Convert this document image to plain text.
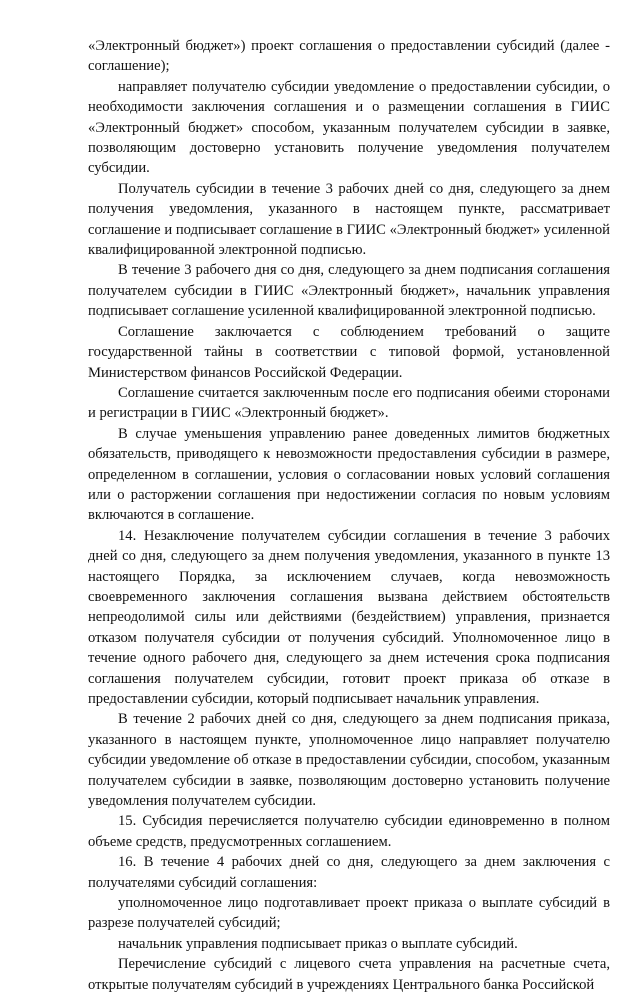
«Электронный бюджет») проект соглашения о предоставлении субсидий (далее - соглашение);

направляет получателю субсидии уведомление о предоставлении субсидии, о необходимости заключения соглашения и о размещении соглашения в ГИИС «Электронный бюджет» способом, указанным получателем субсидии в заявке, позволяющим достоверно установить получение уведомления получателем субсидии.

Получатель субсидии в течение 3 рабочих дней со дня, следующего за днем получения уведомления, указанного в настоящем пункте, рассматривает соглашение и подписывает соглашение в ГИИС «Электронный бюджет» усиленной квалифицированной электронной подписью.

В течение 3 рабочего дня со дня, следующего за днем подписания соглашения получателем субсидии в ГИИС «Электронный бюджет», начальник управления подписывает соглашение усиленной квалифицированной электронной подписью.

Соглашение заключается с соблюдением требований о защите государственной тайны в соответствии с типовой формой, установленной Министерством финансов Российской Федерации.

Соглашение считается заключенным после его подписания обеими сторонами и регистрации в ГИИС «Электронный бюджет».

В случае уменьшения управлению ранее доведенных лимитов бюджетных обязательств, приводящего к невозможности предоставления субсидии в размере, определенном в соглашении, условия о согласовании новых условий соглашения или о расторжении соглашения при недостижении согласия по новым условиям включаются в соглашение.

14. Незаключение получателем субсидии соглашения в течение 3 рабочих дней со дня, следующего за днем получения уведомления, указанного в пункте 13 настоящего Порядка, за исключением случаев, когда невозможность своевременного заключения соглашения вызвана действием обстоятельств непреодолимой силы или действиями (бездействием) управления, признается отказом получателя субсидии от получения субсидий. Уполномоченное лицо в течение одного рабочего дня, следующего за днем истечения срока подписания соглашения получателем субсидии, готовит проект приказа об отказе в предоставлении субсидии, который подписывает начальник управления.

В течение 2 рабочих дней со дня, следующего за днем подписания приказа, указанного в настоящем пункте, уполномоченное лицо направляет получателю субсидии уведомление об отказе в предоставлении субсидии, способом, указанным получателем субсидии в заявке, позволяющим достоверно установить получение уведомления получателем субсидии.

15. Субсидия перечисляется получателю субсидии единовременно в полном объеме средств, предусмотренных соглашением.

16. В течение 4 рабочих дней со дня, следующего за днем заключения с получателями субсидий соглашения:

уполномоченное лицо подготавливает проект приказа о выплате субсидий в разрезе получателей субсидий;

начальник управления подписывает приказ о выплате субсидий.

Перечисление субсидий с лицевого счета управления на расчетные счета, открытые получателям субсидий в учреждениях Центрального банка Российской
